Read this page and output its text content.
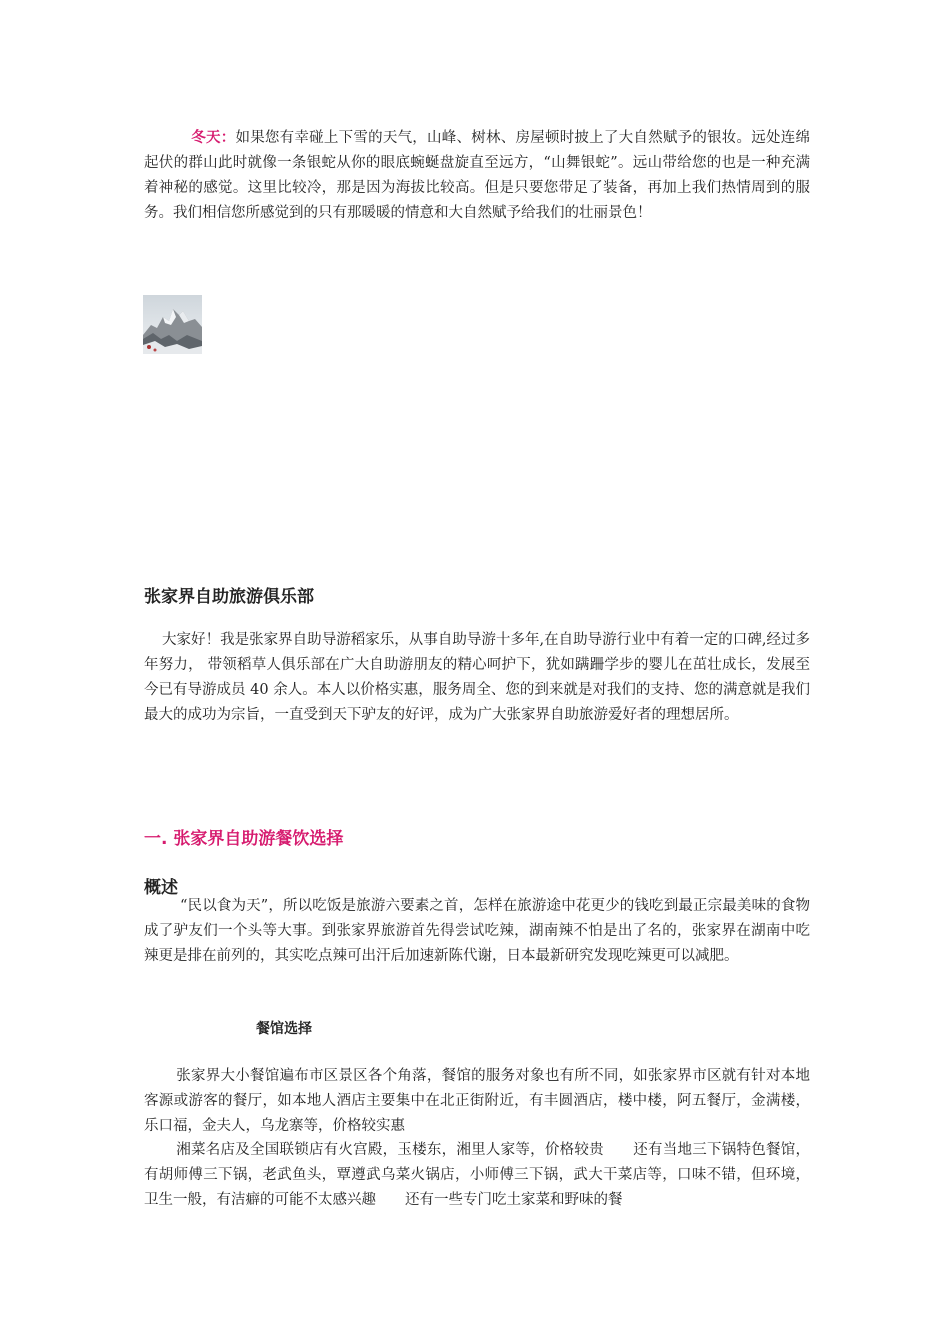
冬天：如果您有幸碰上下雪的天气，山峰、树林、房屋顿时披上了大自然赋予的银妆。远处连绵起伏的群山此时就像一条银蛇从你的眼底蜿蜒盘旋直至远方，“山舞银蛇”。远山带给您的也是一种充满着神秘的感觉。这里比较冷，那是因为海拔比较高。但是只要您带足了装备，再加上我们热情周到的服务。我们相信您所感觉到的只有那暖暖的情意和大自然赋予给我们的壮丽景色！

张家界自助旅游俱乐部

大家好！我是张家界自助导游稻家乐，从事自助导游十多年,在自助导游行业中有着一定的口碑,经过多年努力， 带领稻草人俱乐部在广大自助游朋友的精心呵护下，犹如蹒跚学步的婴儿在茁壮成长，发展至今已有导游成员 40 余人。本人以价格实惠，服务周全、您的到来就是对我们的支持、您的满意就是我们最大的成功为宗旨，一直受到天下驴友的好评，成为广大张家界自助旅游爱好者的理想居所。

一. 张家界自助游餐饮选择
概述

“民以食为天”，所以吃饭是旅游六要素之首，怎样在旅游途中花更少的钱吃到最正宗最美味的食物成了驴友们一个头等大事。到张家界旅游首先得尝试吃辣，湖南辣不怕是出了名的，张家界在湖南中吃辣更是排在前列的，其实吃点辣可出汗后加速新陈代谢，日本最新研究发现吃辣更可以减肥。

餐馆选择

张家界大小餐馆遍布市区景区各个角落，餐馆的服务对象也有所不同，如张家界市区就有针对本地客源或游客的餐厅，如本地人酒店主要集中在北正街附近，有丰圆酒店，楼中楼，阿五餐厅，金满楼，乐口福，金夫人，乌龙寨等，价格较实惠

湘菜名店及全国联锁店有火宫殿，玉楼东，湘里人家等，价格较贵　　还有当地三下锅特色餐馆，有胡师傅三下锅，老武鱼头，覃遵武乌菜火锅店，小师傅三下锅，武大干菜店等，口味不错，但环境，卫生一般，有洁癖的可能不太感兴趣　　还有一些专门吃土家菜和野味的餐
